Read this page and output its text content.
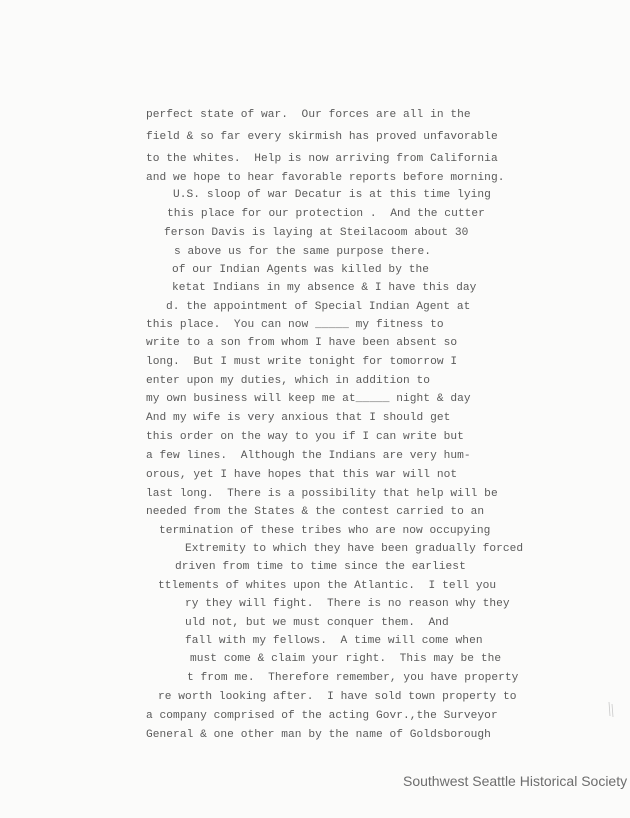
perfect state of war.  Our forces are all in the
field & so far every skirmish has proved unfavorable
to the whites.  Help is now arriving from California
and we hope to hear favorable reports before morning.
U.S. sloop of war Decatur is at this time lying
this place for our protection .  And the cutter
ferson Davis is laying at Steilacoom about 30
s above us for the same purpose there.
of our Indian Agents was killed by the
ketat Indians in my absence & I have this day
d. the appointment of Special Indian Agent at
this place.  You can now _____ my fitness to
write to a son from whom I have been absent so
long.  But I must write tonight for tomorrow I
enter upon my duties, which in addition to
my own business will keep me at_____ night & day
And my wife is very anxious that I should get
this order on the way to you if I can write but
a few lines.  Although the Indians are very hum-
orous, yet I have hopes that this war will not
last long.  There is a possibility that help will be
needed from the States & the contest carried to an
termination of these tribes who are now occupying
Extremity to which they have been gradually forced
driven from time to time since the earliest
ttlements of whites upon the Atlantic.  I tell you
ry they will fight.  There is no reason why they
uld not, but we must conquer them.  And
fall with my fellows.  A time will come when
must come & claim your right.  This may be the
t from me.  Therefore remember, you have property
re worth looking after.  I have sold town property to
a company comprised of the acting Govr.,the Surveyor
General & one other man by the name of Goldsborough
Southwest Seattle Historical Society
